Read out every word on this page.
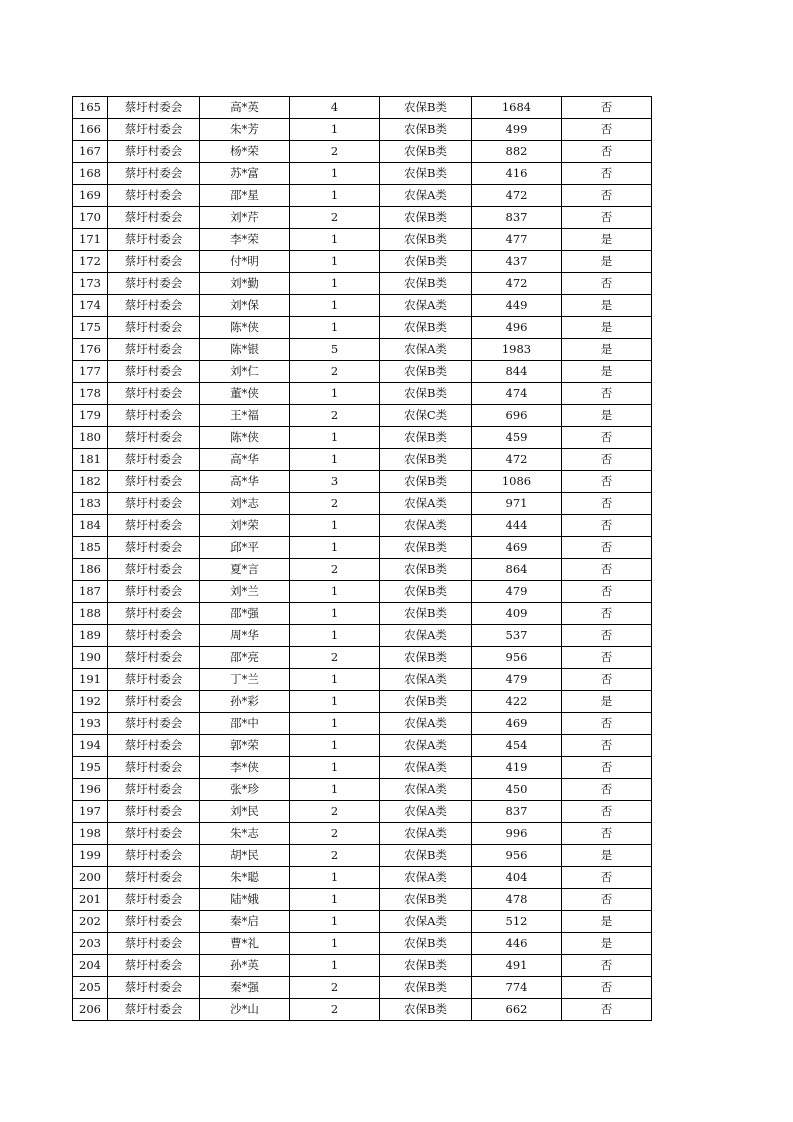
165	蔡圩村委会	高*英	4	农保B类	1684	否
166	蔡圩村委会	朱*芳	1	农保B类	499	否
167	蔡圩村委会	杨*荣	2	农保B类	882	否
168	蔡圩村委会	苏*富	1	农保B类	416	否
169	蔡圩村委会	邵*星	1	农保A类	472	否
170	蔡圩村委会	刘*芹	2	农保B类	837	否
171	蔡圩村委会	李*荣	1	农保B类	477	是
172	蔡圩村委会	付*明	1	农保B类	437	是
173	蔡圩村委会	刘*勤	1	农保B类	472	否
174	蔡圩村委会	刘*保	1	农保A类	449	是
175	蔡圩村委会	陈*侠	1	农保B类	496	是
176	蔡圩村委会	陈*银	5	农保A类	1983	是
177	蔡圩村委会	刘*仁	2	农保B类	844	是
178	蔡圩村委会	董*侠	1	农保B类	474	否
179	蔡圩村委会	王*福	2	农保C类	696	是
180	蔡圩村委会	陈*侠	1	农保B类	459	否
181	蔡圩村委会	高*华	1	农保B类	472	否
182	蔡圩村委会	高*华	3	农保B类	1086	否
183	蔡圩村委会	刘*志	2	农保A类	971	否
184	蔡圩村委会	刘*荣	1	农保A类	444	否
185	蔡圩村委会	邱*平	1	农保B类	469	否
186	蔡圩村委会	夏*言	2	农保B类	864	否
187	蔡圩村委会	刘*兰	1	农保B类	479	否
188	蔡圩村委会	邵*强	1	农保B类	409	否
189	蔡圩村委会	周*华	1	农保A类	537	否
190	蔡圩村委会	邵*亮	2	农保B类	956	否
191	蔡圩村委会	丁*兰	1	农保A类	479	否
192	蔡圩村委会	孙*彩	1	农保B类	422	是
193	蔡圩村委会	邵*中	1	农保A类	469	否
194	蔡圩村委会	郭*荣	1	农保A类	454	否
195	蔡圩村委会	李*侠	1	农保A类	419	否
196	蔡圩村委会	张*珍	1	农保A类	450	否
197	蔡圩村委会	刘*民	2	农保A类	837	否
198	蔡圩村委会	朱*志	2	农保A类	996	否
199	蔡圩村委会	胡*民	2	农保B类	956	是
200	蔡圩村委会	朱*聪	1	农保A类	404	否
201	蔡圩村委会	陆*娥	1	农保B类	478	否
202	蔡圩村委会	秦*启	1	农保A类	512	是
203	蔡圩村委会	曹*礼	1	农保B类	446	是
204	蔡圩村委会	孙*英	1	农保B类	491	否
205	蔡圩村委会	秦*强	2	农保B类	774	否
206	蔡圩村委会	沙*山	2	农保B类	662	否
